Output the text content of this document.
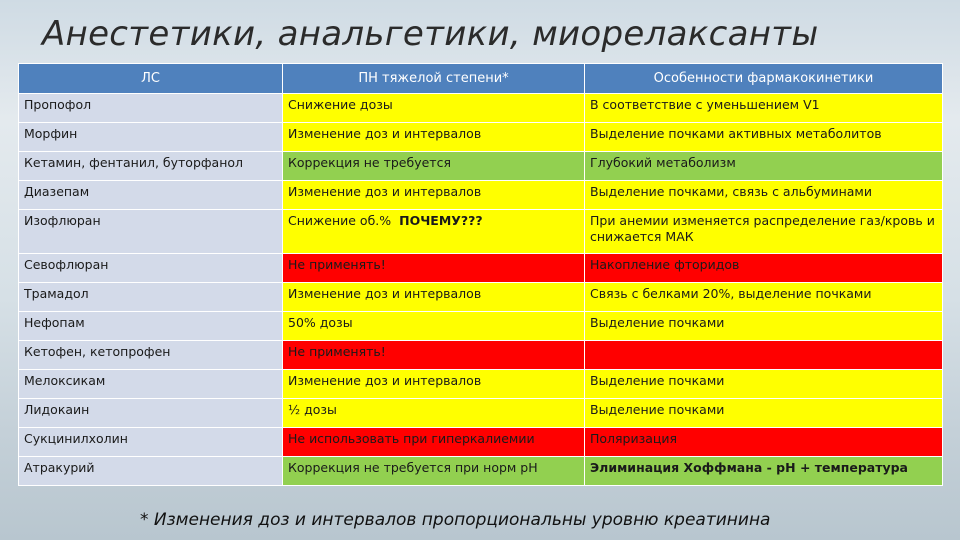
Анестетики, анальгетики, миорелаксанты
ЛС	ПН тяжелой степени*	Особенности фармакокинетики
Пропофол	Снижение дозы	В соответствие с уменьшением V1
Морфин	Изменение доз и интервалов	Выделение почками активных метаболитов
Кетамин, фентанил, буторфанол	Коррекция не требуется	Глубокий метаболизм
Диазепам	Изменение доз и интервалов	Выделение почками, связь с альбуминами
Изофлюран	Снижение об.% ПОЧЕМУ???	При анемии изменяется распределение газ/кровь и снижается МАК
Севофлюран	Не применять!	Накопление фторидов
Трамадол	Изменение доз и интервалов	Связь с белками 20%, выделение почками
Нефопам	50% дозы	Выделение почками
Кетофен, кетопрофен	Не применять!	
Мелоксикам	Изменение доз и интервалов	Выделение почками
Лидокаин	½ дозы	Выделение почками
Сукцинилхолин	Не использовать при гиперкалиемии	Поляризация
Атракурий	Коррекция не требуется при норм pH	Элиминация Хоффмана - pH + температура

* Изменения доз и интервалов пропорциональны уровню креатинина
